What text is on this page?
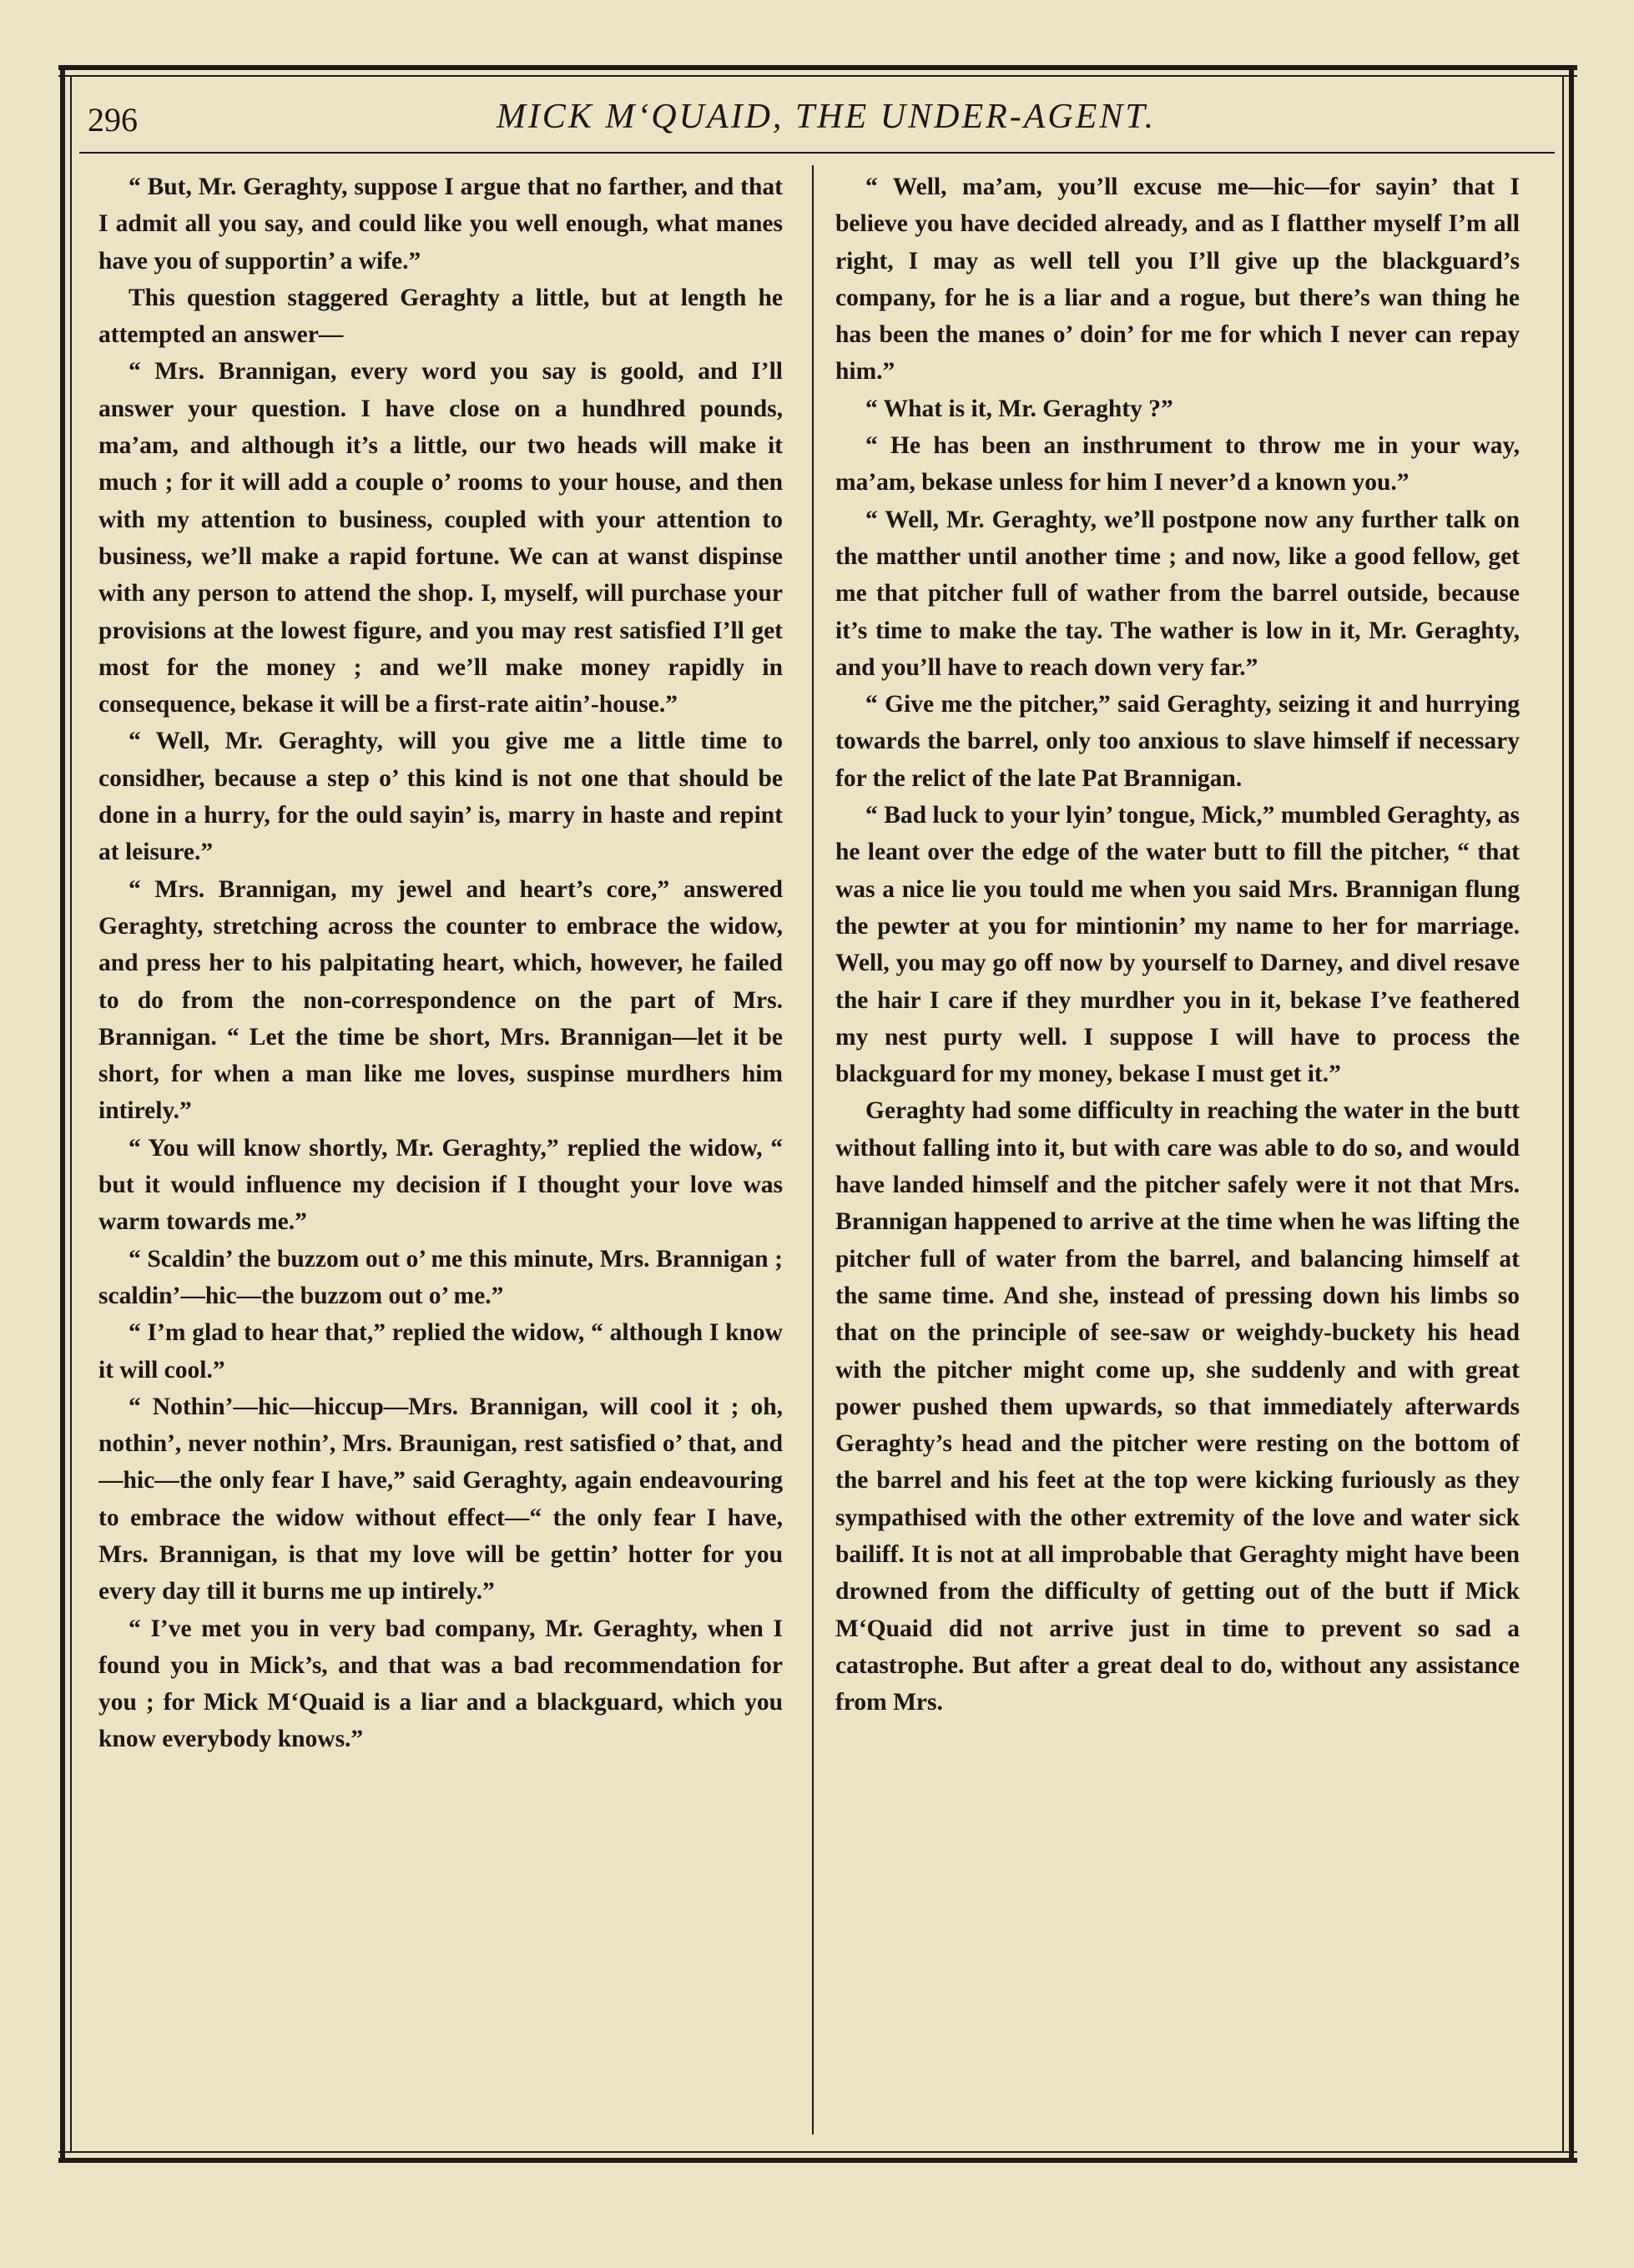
296	MICK M‘QUAID, THE UNDER-AGENT.

“ But, Mr. Geraghty, suppose I argue that no farther, and that I admit all you say, and could like you well enough, what manes have you of supportin’ a wife.”

This question staggered Geraghty a little, but at length he attempted an answer—

“ Mrs. Brannigan, every word you say is goold, and I’ll answer your question. I have close on a hundhred pounds, ma’am, and although it’s a little, our two heads will make it much ; for it will add a couple o’ rooms to your house, and then with my attention to business, coupled with your attention to business, we’ll make a rapid fortune. We can at wanst dispinse with any person to attend the shop. I, myself, will purchase your provisions at the lowest figure, and you may rest satisfied I’ll get most for the money ; and we’ll make money rapidly in consequence, bekase it will be a first-rate aitin’-house.”

“ Well, Mr. Geraghty, will you give me a little time to considher, because a step o’ this kind is not one that should be done in a hurry, for the ould sayin’ is, marry in haste and repint at leisure.”

“ Mrs. Brannigan, my jewel and heart’s core,” answered Geraghty, stretching across the counter to embrace the widow, and press her to his palpitating heart, which, however, he failed to do from the non-correspondence on the part of Mrs. Brannigan. “ Let the time be short, Mrs. Brannigan—let it be short, for when a man like me loves, suspinse murdhers him intirely.”

“ You will know shortly, Mr. Geraghty,” replied the widow, “ but it would influence my decision if I thought your love was warm towards me.”

“ Scaldin’ the buzzom out o’ me this minute, Mrs. Brannigan ; scaldin’—hic—the buzzom out o’ me.”

“ I’m glad to hear that,” replied the widow, “ although I know it will cool.”

“ Nothin’—hic—hiccup—Mrs. Brannigan, will cool it ; oh, nothin’, never nothin’, Mrs. Braunigan, rest satisfied o’ that, and—hic—the only fear I have,” said Geraghty, again endeavouring to embrace the widow without effect—“ the only fear I have, Mrs. Brannigan, is that my love will be gettin’ hotter for you every day till it burns me up intirely.”

“ I’ve met you in very bad company, Mr. Geraghty, when I found you in Mick’s, and that was a bad recommendation for you ; for Mick M‘Quaid is a liar and a blackguard, which you know everybody knows.”

“ Well, ma’am, you’ll excuse me—hic—for sayin’ that I believe you have decided already, and as I flatther myself I’m all right, I may as well tell you I’ll give up the blackguard’s company, for he is a liar and a rogue, but there’s wan thing he has been the manes o’ doin’ for me for which I never can repay him.”

“ What is it, Mr. Geraghty ?”

“ He has been an insthrument to throw me in your way, ma’am, bekase unless for him I never’d a known you.”

“ Well, Mr. Geraghty, we’ll postpone now any further talk on the matther until another time ; and now, like a good fellow, get me that pitcher full of wather from the barrel outside, because it’s time to make the tay. The wather is low in it, Mr. Geraghty, and you’ll have to reach down very far.”

“ Give me the pitcher,” said Geraghty, seizing it and hurrying towards the barrel, only too anxious to slave himself if necessary for the relict of the late Pat Brannigan.

“ Bad luck to your lyin’ tongue, Mick,” mumbled Geraghty, as he leant over the edge of the water butt to fill the pitcher, “ that was a nice lie you tould me when you said Mrs. Brannigan flung the pewter at you for mintionin’ my name to her for marriage. Well, you may go off now by yourself to Darney, and divel resave the hair I care if they murdher you in it, bekase I’ve feathered my nest purty well. I suppose I will have to process the blackguard for my money, bekase I must get it.”

Geraghty had some difficulty in reaching the water in the butt without falling into it, but with care was able to do so, and would have landed himself and the pitcher safely were it not that Mrs. Brannigan happened to arrive at the time when he was lifting the pitcher full of water from the barrel, and balancing himself at the same time. And she, instead of pressing down his limbs so that on the principle of see-saw or weighdy-buckety his head with the pitcher might come up, she suddenly and with great power pushed them upwards, so that immediately afterwards Geraghty’s head and the pitcher were resting on the bottom of the barrel and his feet at the top were kicking furiously as they sympathised with the other extremity of the love and water sick bailiff. It is not at all improbable that Geraghty might have been drowned from the difficulty of getting out of the butt if Mick M‘Quaid did not arrive just in time to prevent so sad a catastrophe. But after a great deal to do, without any assistance from Mrs.
